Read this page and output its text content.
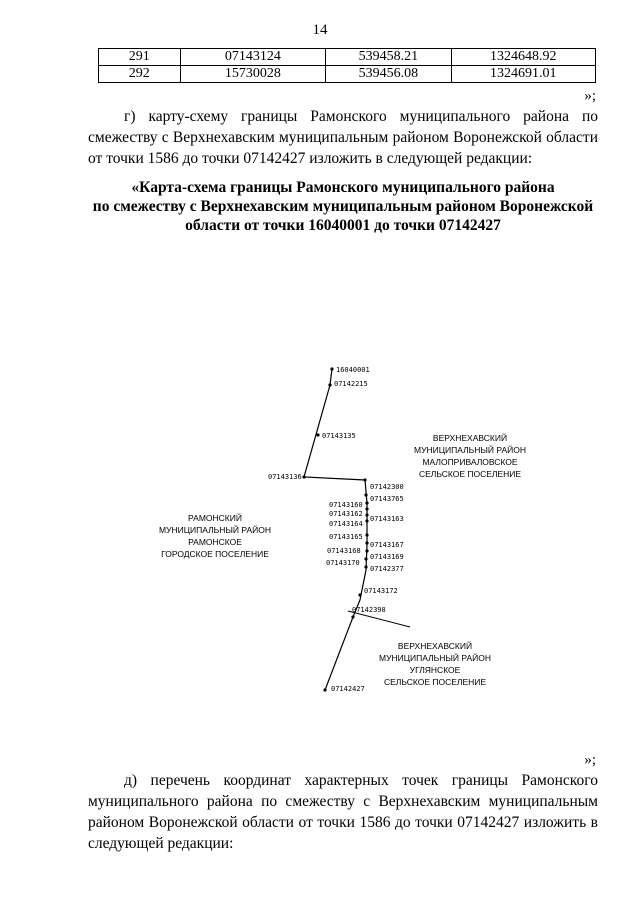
14
291	07143124	539458.21	1324648.92
292	15730028	539456.08	1324691.01
»;
г) карту-схему границы Рамонского муниципального района по смежеству с Верхнехавским муниципальным районом Воронежской области от точки 1586 до точки 07142427 изложить в следующей редакции:
«Карта-схема границы Рамонского муниципального района
по смежеству с Верхнехавским муниципальным районом Воронежской
области от точки 16040001 до точки 07142427
16040001
07142215
07143135
07143136
07142300
07143765
07143160
07143162
07143164
07143163
07143165
07143167
07143168
07143169
07143170
07142377
07143172
07142398
07142427
ВЕРХНЕХАВСКИЙ
МУНИЦИПАЛЬНЫЙ РАЙОН
МАЛОПРИВАЛОВСКОЕ
СЕЛЬСКОЕ ПОСЕЛЕНИЕ
РАМОНСКИЙ
МУНИЦИПАЛЬНЫЙ РАЙОН
РАМОНСКОЕ
ГОРОДСКОЕ ПОСЕЛЕНИЕ
ВЕРХНЕХАВСКИЙ
МУНИЦИПАЛЬНЫЙ РАЙОН
УГЛЯНСКОЕ
СЕЛЬСКОЕ ПОСЕЛЕНИЕ
»;
д) перечень координат характерных точек границы Рамонского муниципального района по смежеству с Верхнехавским муниципальным районом Воронежской области от точки 1586 до точки 07142427 изложить в следующей редакции:
